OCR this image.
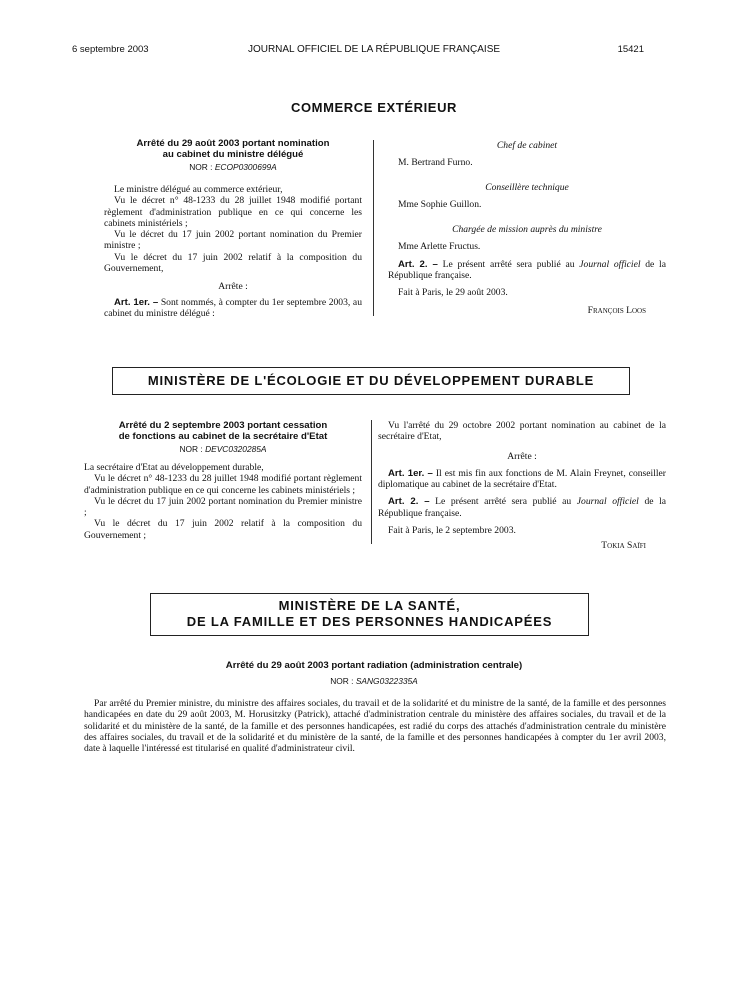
6 septembre 2003	JOURNAL OFFICIEL DE LA RÉPUBLIQUE FRANÇAISE	15421
COMMERCE EXTÉRIEUR
Arrêté du 29 août 2003 portant nomination
au cabinet du ministre délégué
NOR : ECOP0300699A

Le ministre délégué au commerce extérieur,

Vu le décret n° 48-1233 du 28 juillet 1948 modifié portant règlement d'administration publique en ce qui concerne les cabinets ministériels ;

Vu le décret du 17 juin 2002 portant nomination du Premier ministre ;

Vu le décret du 17 juin 2002 relatif à la composition du Gouvernement,

Arrête :

Art. 1er. – Sont nommés, à compter du 1er septembre 2003, au cabinet du ministre délégué :

Chef de cabinet

M. Bertrand Furno.

Conseillère technique

Mme Sophie Guillon.

Chargée de mission auprès du ministre

Mme Arlette Fructus.

Art. 2. – Le présent arrêté sera publié au Journal officiel de la République française.

Fait à Paris, le 29 août 2003.

François Loos

MINISTÈRE DE L'ÉCOLOGIE ET DU DÉVELOPPEMENT DURABLE
Arrêté du 2 septembre 2003 portant cessation
de fonctions au cabinet de la secrétaire d'Etat
NOR : DEVC0320285A

La secrétaire d'Etat au développement durable,

Vu le décret n° 48-1233 du 28 juillet 1948 modifié portant règlement d'administration publique en ce qui concerne les cabinets ministériels ;

Vu le décret du 17 juin 2002 portant nomination du Premier ministre ;

Vu le décret du 17 juin 2002 relatif à la composition du Gouvernement ;

Vu l'arrêté du 29 octobre 2002 portant nomination au cabinet de la secrétaire d'Etat,

Arrête :

Art. 1er. – Il est mis fin aux fonctions de M. Alain Freynet, conseiller diplomatique au cabinet de la secrétaire d'Etat.

Art. 2. – Le présent arrêté sera publié au Journal officiel de la République française.

Fait à Paris, le 2 septembre 2003.

Tokia Saïfi

MINISTÈRE DE LA SANTÉ,
DE LA FAMILLE ET DES PERSONNES HANDICAPÉES
Arrêté du 29 août 2003 portant radiation (administration centrale)
NOR : SANG0322335A

Par arrêté du Premier ministre, du ministre des affaires sociales, du travail et de la solidarité et du ministre de la santé, de la famille et des personnes handicapées en date du 29 août 2003, M. Horusitzky (Patrick), attaché d'administration centrale du ministère des affaires sociales, du travail et de la solidarité et du ministère de la santé, de la famille et des personnes handicapées, est radié du corps des attachés d'administration centrale du ministère des affaires sociales, du travail et de la solidarité et du ministère de la santé, de la famille et des personnes handicapées à compter du 1er avril 2003, date à laquelle l'intéressé est titularisé en qualité d'administrateur civil.
